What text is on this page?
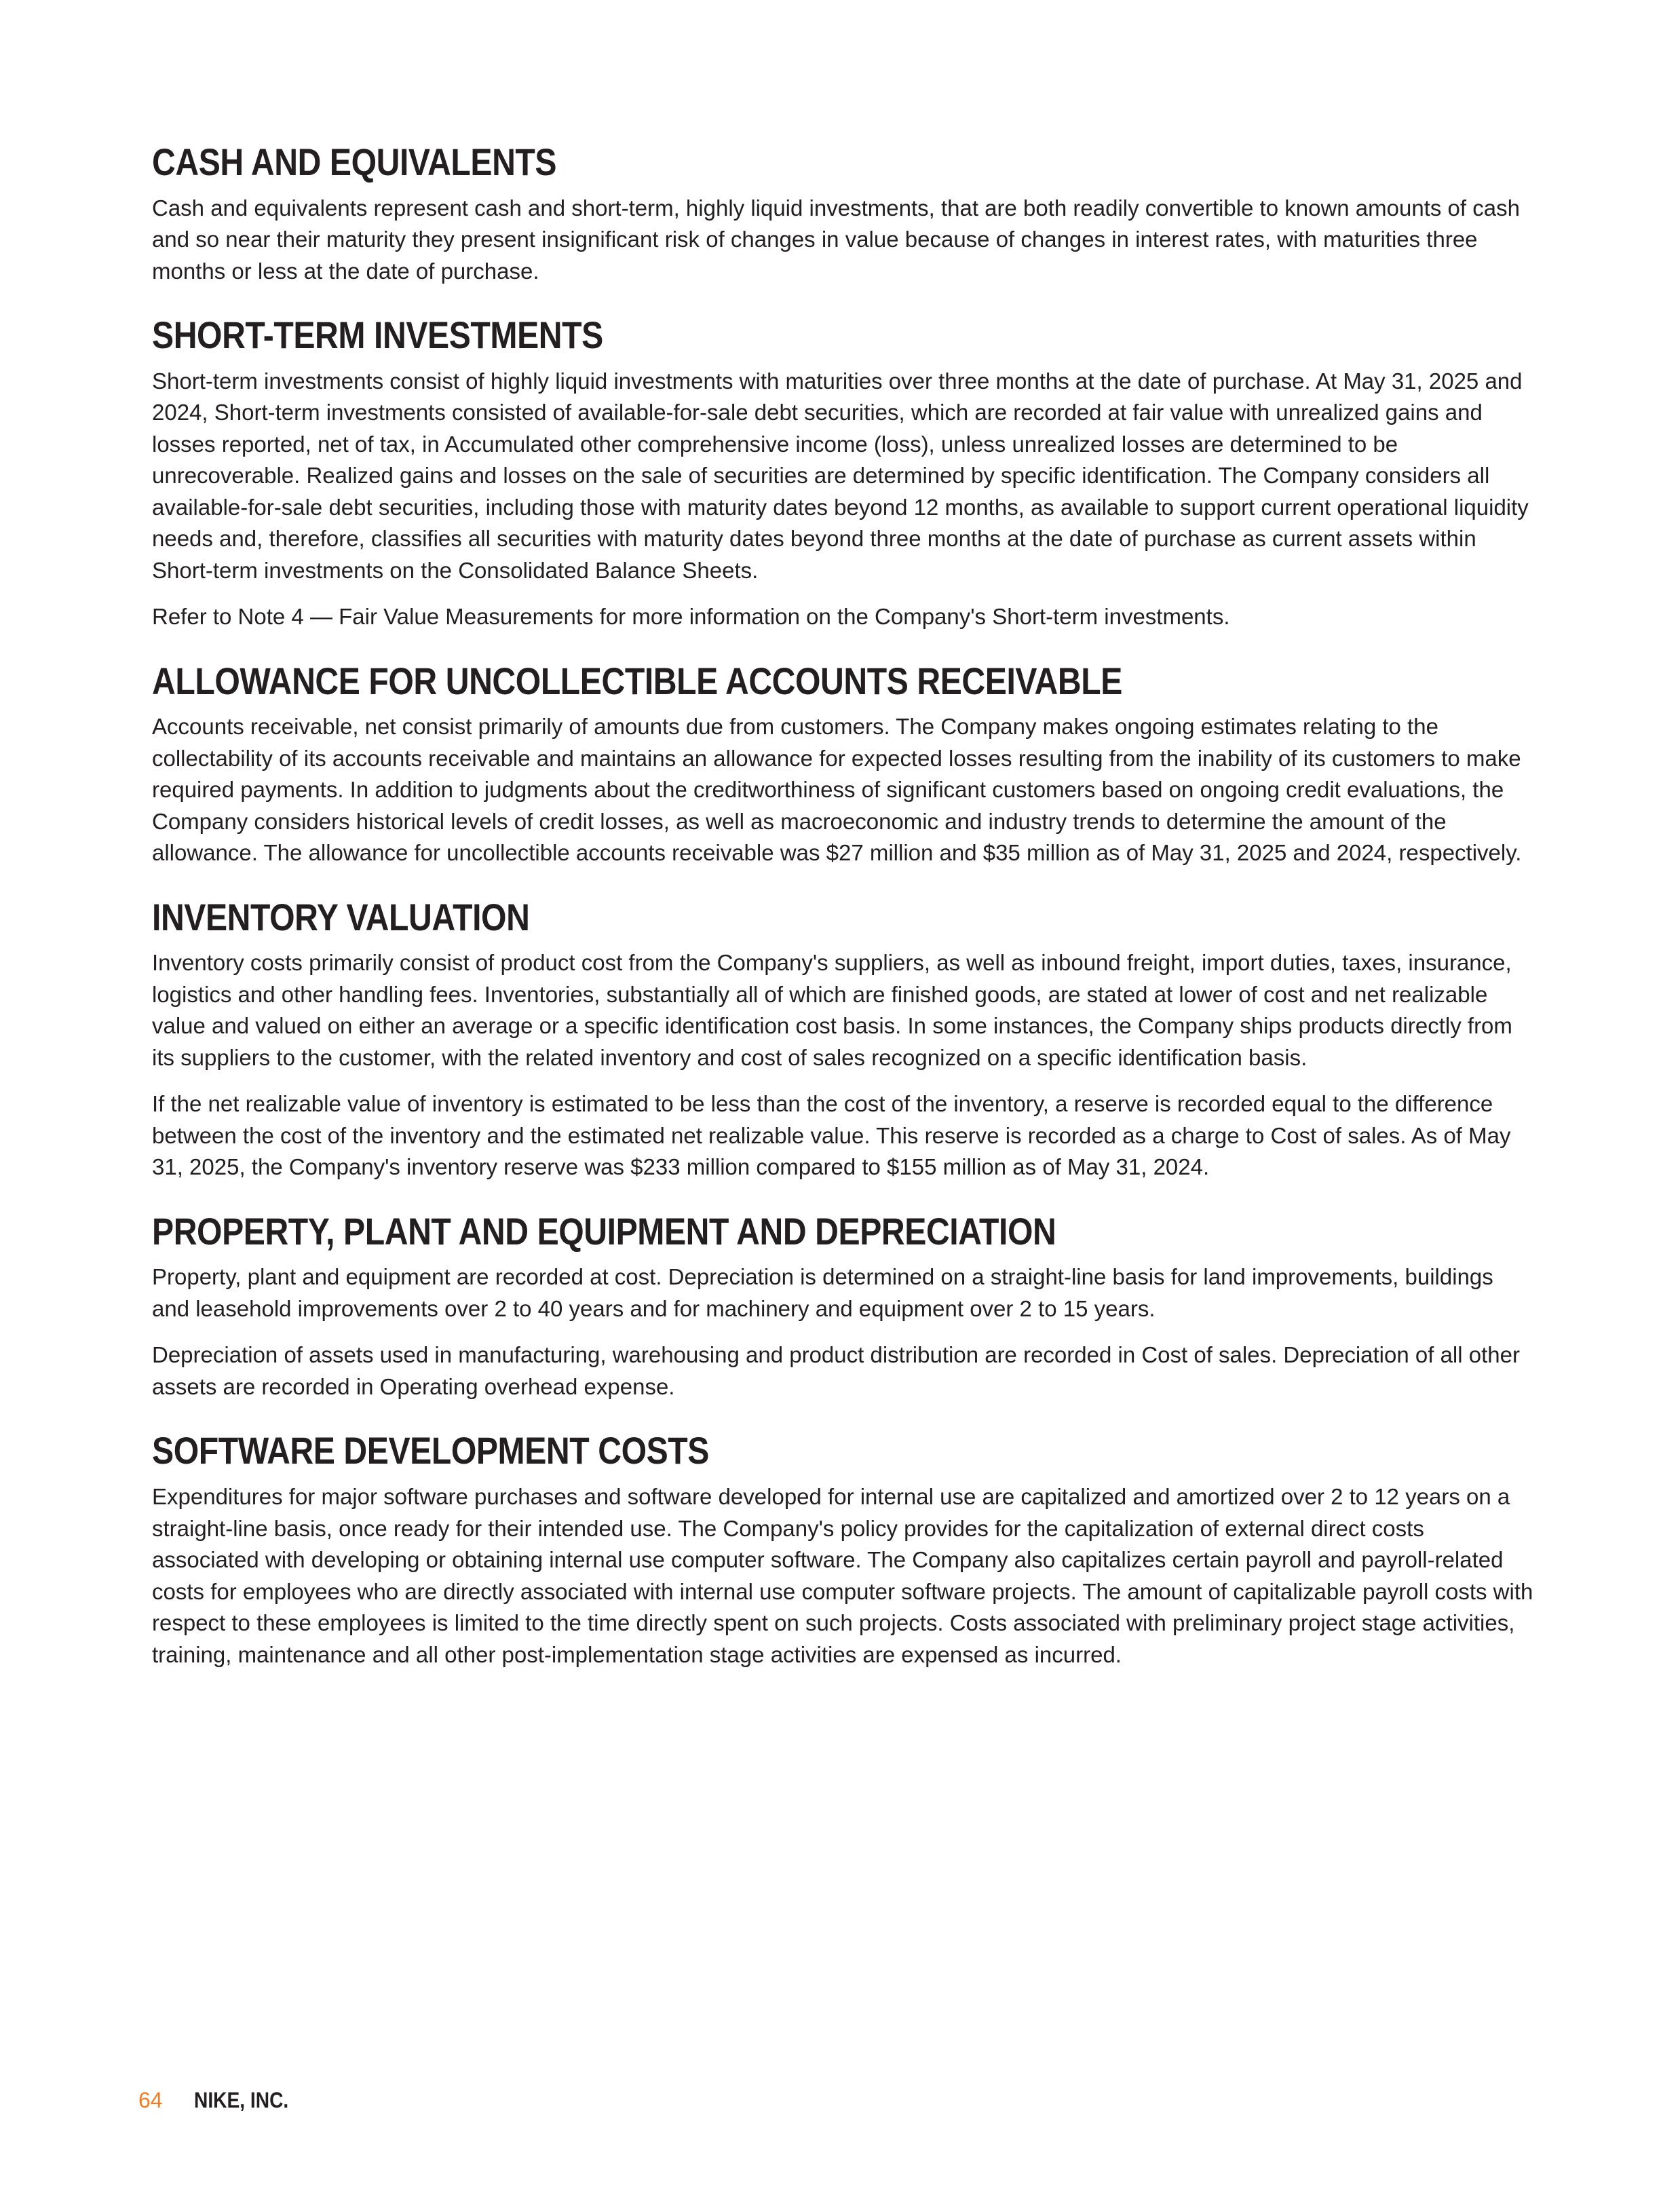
CASH AND EQUIVALENTS

Cash and equivalents represent cash and short-term, highly liquid investments, that are both readily convertible to known amounts of cash and so near their maturity they present insignificant risk of changes in value because of changes in interest rates, with maturities three months or less at the date of purchase.

SHORT-TERM INVESTMENTS

Short-term investments consist of highly liquid investments with maturities over three months at the date of purchase. At May 31, 2025 and 2024, Short-term investments consisted of available-for-sale debt securities, which are recorded at fair value with unrealized gains and losses reported, net of tax, in Accumulated other comprehensive income (loss), unless unrealized losses are determined to be unrecoverable. Realized gains and losses on the sale of securities are determined by specific identification. The Company considers all available-for-sale debt securities, including those with maturity dates beyond 12 months, as available to support current operational liquidity needs and, therefore, classifies all securities with maturity dates beyond three months at the date of purchase as current assets within Short-term investments on the Consolidated Balance Sheets.

Refer to Note 4 — Fair Value Measurements for more information on the Company's Short-term investments.

ALLOWANCE FOR UNCOLLECTIBLE ACCOUNTS RECEIVABLE

Accounts receivable, net consist primarily of amounts due from customers. The Company makes ongoing estimates relating to the collectability of its accounts receivable and maintains an allowance for expected losses resulting from the inability of its customers to make required payments. In addition to judgments about the creditworthiness of significant customers based on ongoing credit evaluations, the Company considers historical levels of credit losses, as well as macroeconomic and industry trends to determine the amount of the allowance. The allowance for uncollectible accounts receivable was $27 million and $35 million as of May 31, 2025 and 2024, respectively.

INVENTORY VALUATION

Inventory costs primarily consist of product cost from the Company's suppliers, as well as inbound freight, import duties, taxes, insurance, logistics and other handling fees. Inventories, substantially all of which are finished goods, are stated at lower of cost and net realizable value and valued on either an average or a specific identification cost basis. In some instances, the Company ships products directly from its suppliers to the customer, with the related inventory and cost of sales recognized on a specific identification basis.

If the net realizable value of inventory is estimated to be less than the cost of the inventory, a reserve is recorded equal to the difference between the cost of the inventory and the estimated net realizable value. This reserve is recorded as a charge to Cost of sales. As of May 31, 2025, the Company's inventory reserve was $233 million compared to $155 million as of May 31, 2024.

PROPERTY, PLANT AND EQUIPMENT AND DEPRECIATION

Property, plant and equipment are recorded at cost. Depreciation is determined on a straight-line basis for land improvements, buildings and leasehold improvements over 2 to 40 years and for machinery and equipment over 2 to 15 years.

Depreciation of assets used in manufacturing, warehousing and product distribution are recorded in Cost of sales. Depreciation of all other assets are recorded in Operating overhead expense.

SOFTWARE DEVELOPMENT COSTS

Expenditures for major software purchases and software developed for internal use are capitalized and amortized over 2 to 12 years on a straight-line basis, once ready for their intended use. The Company's policy provides for the capitalization of external direct costs associated with developing or obtaining internal use computer software. The Company also capitalizes certain payroll and payroll-related costs for employees who are directly associated with internal use computer software projects. The amount of capitalizable payroll costs with respect to these employees is limited to the time directly spent on such projects. Costs associated with preliminary project stage activities, training, maintenance and all other post-implementation stage activities are expensed as incurred.

64 NIKE, INC.
